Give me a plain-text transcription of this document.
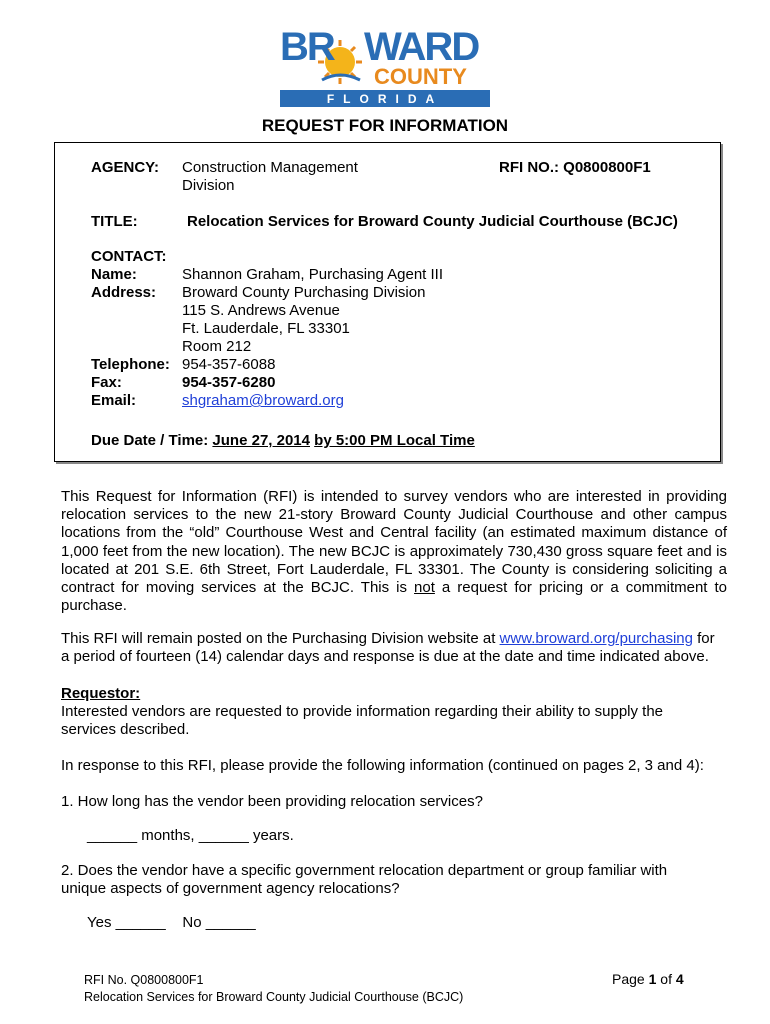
BR WARD
COUNTY
FLORIDA
REQUEST FOR INFORMATION
AGENCY: Construction Management
Division
RFI NO.: Q0800800F1
TITLE:	Relocation Services for Broward County Judicial Courthouse (BCJC)
CONTACT:
Name:	Shannon Graham, Purchasing Agent III
Address: Broward County Purchasing Division
115 S. Andrews Avenue
Ft. Lauderdale, FL 33301
Room 212
Telephone: 954-357-6088
Fax:	954-357-6280
Email:	shgraham@broward.org
Due Date / Time: June 27, 2014 by 5:00 PM Local Time

This Request for Information (RFI) is intended to survey vendors who are interested in providing relocation services to the new 21-story Broward County Judicial Courthouse and other campus locations from the “old” Courthouse West and Central facility (an estimated maximum distance of 1,000 feet from the new location). The new BCJC is approximately 730,430 gross square feet and is located at 201 S.E. 6th Street, Fort Lauderdale, FL 33301. The County is considering soliciting a contract for moving services at the BCJC. This is not a request for pricing or a commitment to purchase.

This RFI will remain posted on the Purchasing Division website at www.broward.org/purchasing for a period of fourteen (14) calendar days and response is due at the date and time indicated above.

Requestor:
Interested vendors are requested to provide information regarding their ability to supply the services described.
In response to this RFI, please provide the following information (continued on pages 2, 3 and 4):
1. How long has the vendor been providing relocation services?
______ months, ______ years.
2. Does the vendor have a specific government relocation department or group familiar with unique aspects of government agency relocations?
Yes ______    No ______
RFI No. Q0800800F1
Relocation Services for Broward County Judicial Courthouse (BCJC)
Page 1 of 4
